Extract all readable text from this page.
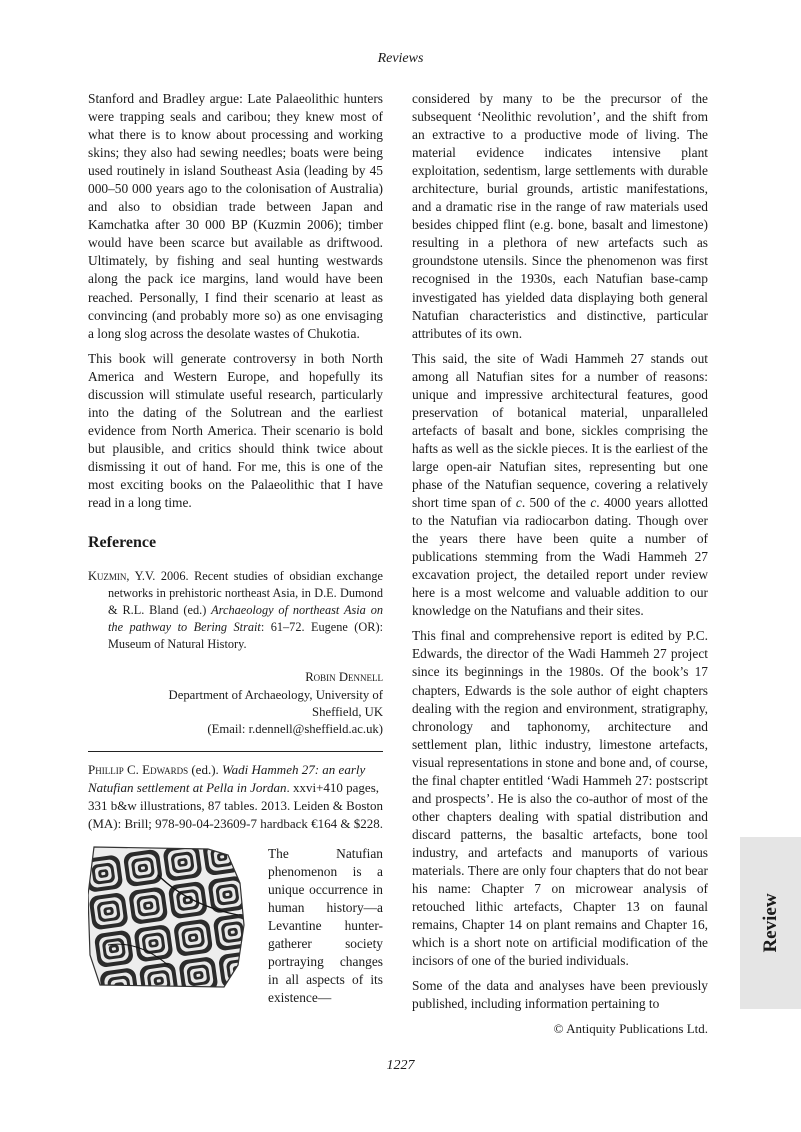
Reviews

Stanford and Bradley argue: Late Palaeolithic hunters were trapping seals and caribou; they knew most of what there is to know about processing and working skins; they also had sewing needles; boats were being used routinely in island Southeast Asia (leading by 45 000–50 000 years ago to the colonisation of Australia) and also to obsidian trade between Japan and Kamchatka after 30 000 BP (Kuzmin 2006); timber would have been scarce but available as driftwood. Ultimately, by fishing and seal hunting westwards along the pack ice margins, land would have been reached. Personally, I find their scenario at least as convincing (and probably more so) as one envisaging a long slog across the desolate wastes of Chukotia.

This book will generate controversy in both North America and Western Europe, and hopefully its discussion will stimulate useful research, particularly into the dating of the Solutrean and the earliest evidence from North America. Their scenario is bold but plausible, and critics should think twice about dismissing it out of hand. For me, this is one of the most exciting books on the Palaeolithic that I have read in a long time.

Reference

Kuzmin, Y.V. 2006. Recent studies of obsidian exchange networks in prehistoric northeast Asia, in D.E. Dumond & R.L. Bland (ed.) Archaeology of northeast Asia on the pathway to Bering Strait: 61–72. Eugene (OR): Museum of Natural History.

Robin Dennell
Department of Archaeology, University of
Sheffield, UK
(Email: r.dennell@sheffield.ac.uk)

Phillip C. Edwards (ed.). Wadi Hammeh 27: an early Natufian settlement at Pella in Jordan. xxvi+410 pages, 331 b&w illustrations, 87 tables. 2013. Leiden & Boston (MA): Brill; 978-90-04-23609-7 hardback €164 & $228.

The Natufian phenomenon is a unique occurrence in human history—a Levantine hunter-gatherer society portraying changes in all aspects of its existence—

considered by many to be the precursor of the subsequent ‘Neolithic revolution’, and the shift from an extractive to a productive mode of living. The material evidence indicates intensive plant exploitation, sedentism, large settlements with durable architecture, burial grounds, artistic manifestations, and a dramatic rise in the range of raw materials used besides chipped flint (e.g. bone, basalt and limestone) resulting in a plethora of new artefacts such as groundstone utensils. Since the phenomenon was first recognised in the 1930s, each Natufian base-camp investigated has yielded data displaying both general Natufian characteristics and distinctive, particular attributes of its own.

This said, the site of Wadi Hammeh 27 stands out among all Natufian sites for a number of reasons: unique and impressive architectural features, good preservation of botanical material, unparalleled artefacts of basalt and bone, sickles comprising the hafts as well as the sickle pieces. It is the earliest of the large open-air Natufian sites, representing but one phase of the Natufian sequence, covering a relatively short time span of c. 500 of the c. 4000 years allotted to the Natufian via radiocarbon dating. Though over the years there have been quite a number of publications stemming from the Wadi Hammeh 27 excavation project, the detailed report under review here is a most welcome and valuable addition to our knowledge on the Natufians and their sites.

This final and comprehensive report is edited by P.C. Edwards, the director of the Wadi Hammeh 27 project since its beginnings in the 1980s. Of the book’s 17 chapters, Edwards is the sole author of eight chapters dealing with the region and environment, stratigraphy, chronology and taphonomy, architecture and settlement plan, lithic industry, limestone artefacts, visual representations in stone and bone and, of course, the final chapter entitled ‘Wadi Hammeh 27: postscript and prospects’. He is also the co-author of most of the other chapters dealing with spatial distribution and discard patterns, the basaltic artefacts, bone tool industry, and artefacts and manuports of various materials. There are only four chapters that do not bear his name: Chapter 7 on microwear analysis of retouched lithic artefacts, Chapter 13 on faunal remains, Chapter 14 on plant remains and Chapter 16, which is a short note on artificial modification of the incisors of one of the buried individuals.

Some of the data and analyses have been previously published, including information pertaining to

© Antiquity Publications Ltd.
1227
Review
